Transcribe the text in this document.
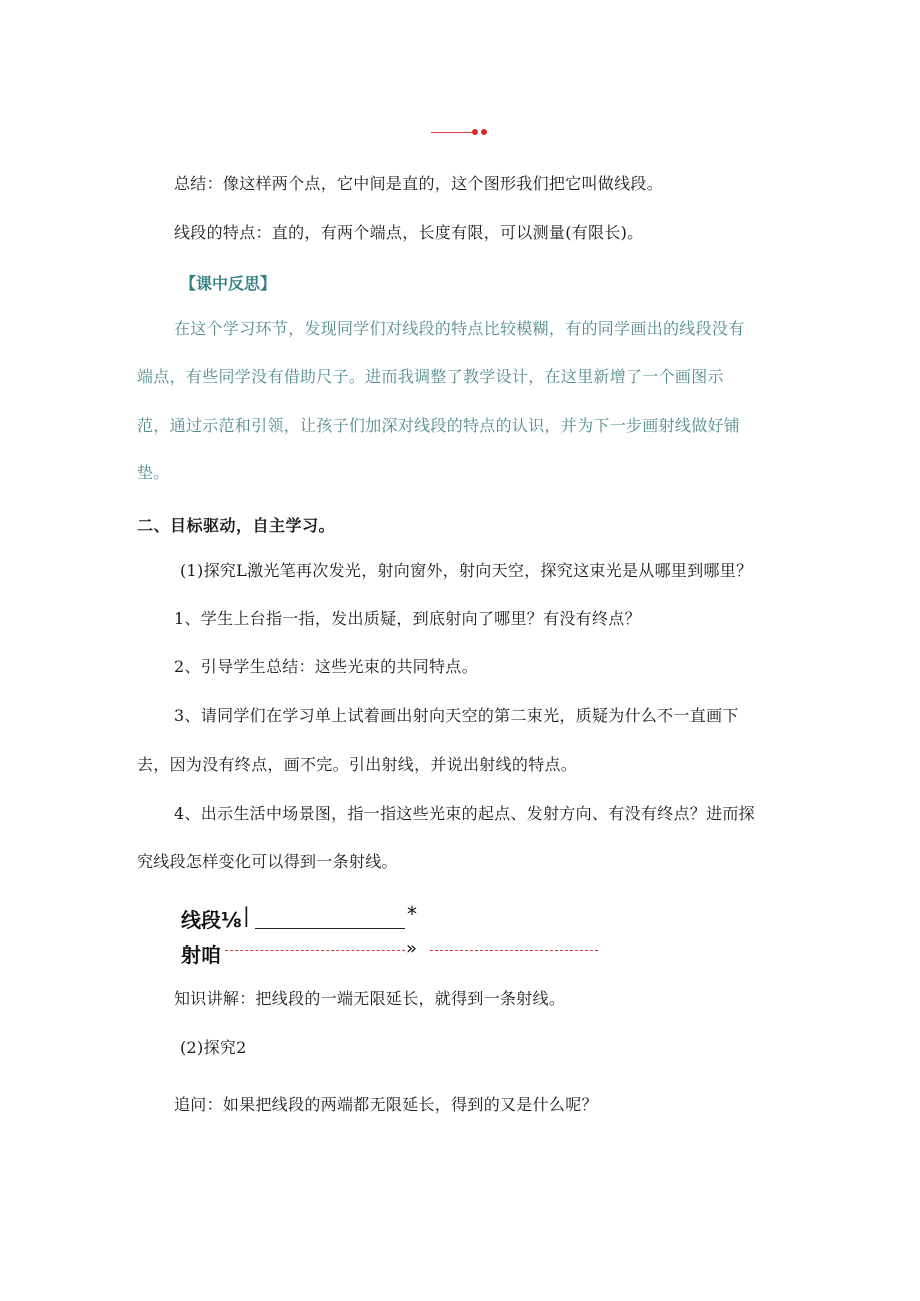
总结：像这样两个点，它中间是直的，这个图形我们把它叫做线段。
线段的特点：直的，有两个端点，长度有限，可以测量(有限长)。
【课中反思】
在这个学习环节，发现同学们对线段的特点比较模糊，有的同学画出的线段没有
端点，有些同学没有借助尺子。进而我调整了教学设计，在这里新增了一个画图示
范，通过示范和引领，让孩子们加深对线段的特点的认识，并为下一步画射线做好铺
垫。
二、目标驱动，自主学习。
(1)探究L激光笔再次发光，射向窗外，射向天空，探究这束光是从哪里到哪里？
1、学生上台指一指，发出质疑，到底射向了哪里？有没有终点？
2、引导学生总结：这些光束的共同特点。
3、请同学们在学习单上试着画出射向天空的第二束光，质疑为什么不一直画下
去，因为没有终点，画不完。引出射线，并说出射线的特点。
4、出示生活中场景图，指一指这些光束的起点、发射方向、有没有终点？进而探
究线段怎样变化可以得到一条射线。
线段⅛ |	*
射咱	»
知识讲解：把线段的一端无限延长，就得到一条射线。
(2)探究2
追问：如果把线段的两端都无限延长，得到的又是什么呢？
